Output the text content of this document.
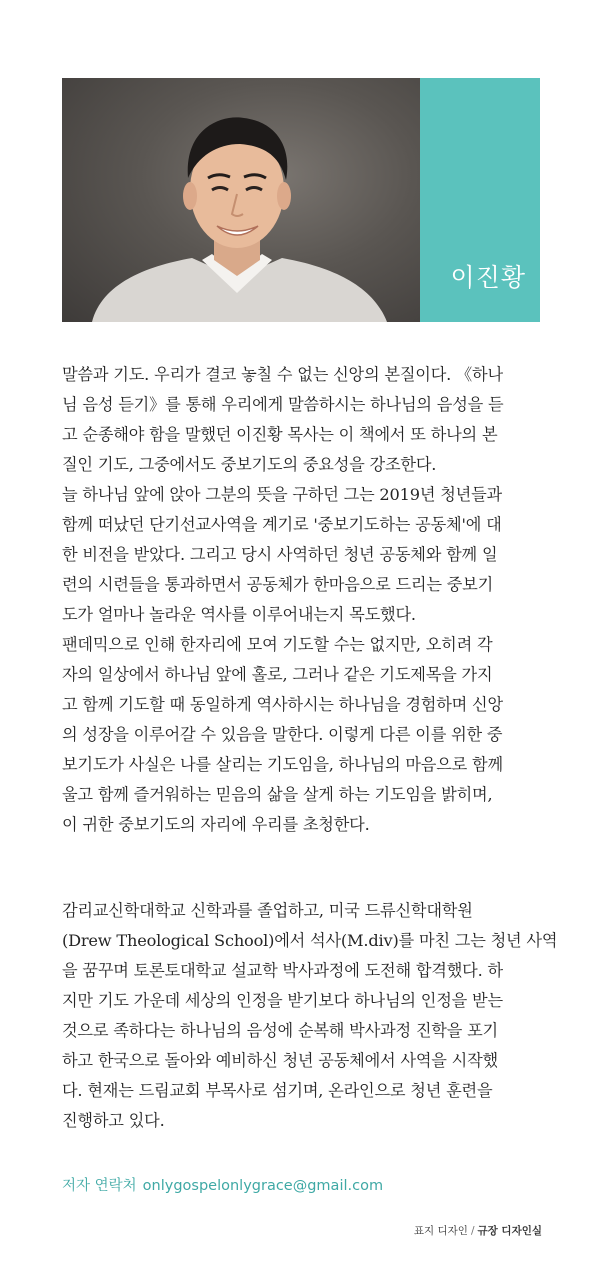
이진황
말씀과 기도. 우리가 결코 놓칠 수 없는 신앙의 본질이다. 《하나
님 음성 듣기》를 통해 우리에게 말씀하시는 하나님의 음성을 듣
고 순종해야 함을 말했던 이진황 목사는 이 책에서 또 하나의 본
질인 기도, 그중에서도 중보기도의 중요성을 강조한다.
늘 하나님 앞에 앉아 그분의 뜻을 구하던 그는 2019년 청년들과
함께 떠났던 단기선교사역을 계기로 '중보기도하는 공동체'에 대
한 비전을 받았다. 그리고 당시 사역하던 청년 공동체와 함께 일
련의 시련들을 통과하면서 공동체가 한마음으로 드리는 중보기
도가 얼마나 놀라운 역사를 이루어내는지 목도했다.
팬데믹으로 인해 한자리에 모여 기도할 수는 없지만, 오히려 각
자의 일상에서 하나님 앞에 홀로, 그러나 같은 기도제목을 가지
고 함께 기도할 때 동일하게 역사하시는 하나님을 경험하며 신앙
의 성장을 이루어갈 수 있음을 말한다. 이렇게 다른 이를 위한 중
보기도가 사실은 나를 살리는 기도임을, 하나님의 마음으로 함께
울고 함께 즐거워하는 믿음의 삶을 살게 하는 기도임을 밝히며,
이 귀한 중보기도의 자리에 우리를 초청한다.
감리교신학대학교 신학과를 졸업하고, 미국 드류신학대학원
(Drew Theological School)에서 석사(M.div)를 마친 그는 청년 사역
을 꿈꾸며 토론토대학교 설교학 박사과정에 도전해 합격했다. 하
지만 기도 가운데 세상의 인정을 받기보다 하나님의 인정을 받는
것으로 족하다는 하나님의 음성에 순복해 박사과정 진학을 포기
하고 한국으로 돌아와 예비하신 청년 공동체에서 사역을 시작했
다. 현재는 드림교회 부목사로 섬기며, 온라인으로 청년 훈련을
진행하고 있다.
저자 연락처 onlygospelonlygrace@gmail.com
표지 디자인 / 규장 디자인실
